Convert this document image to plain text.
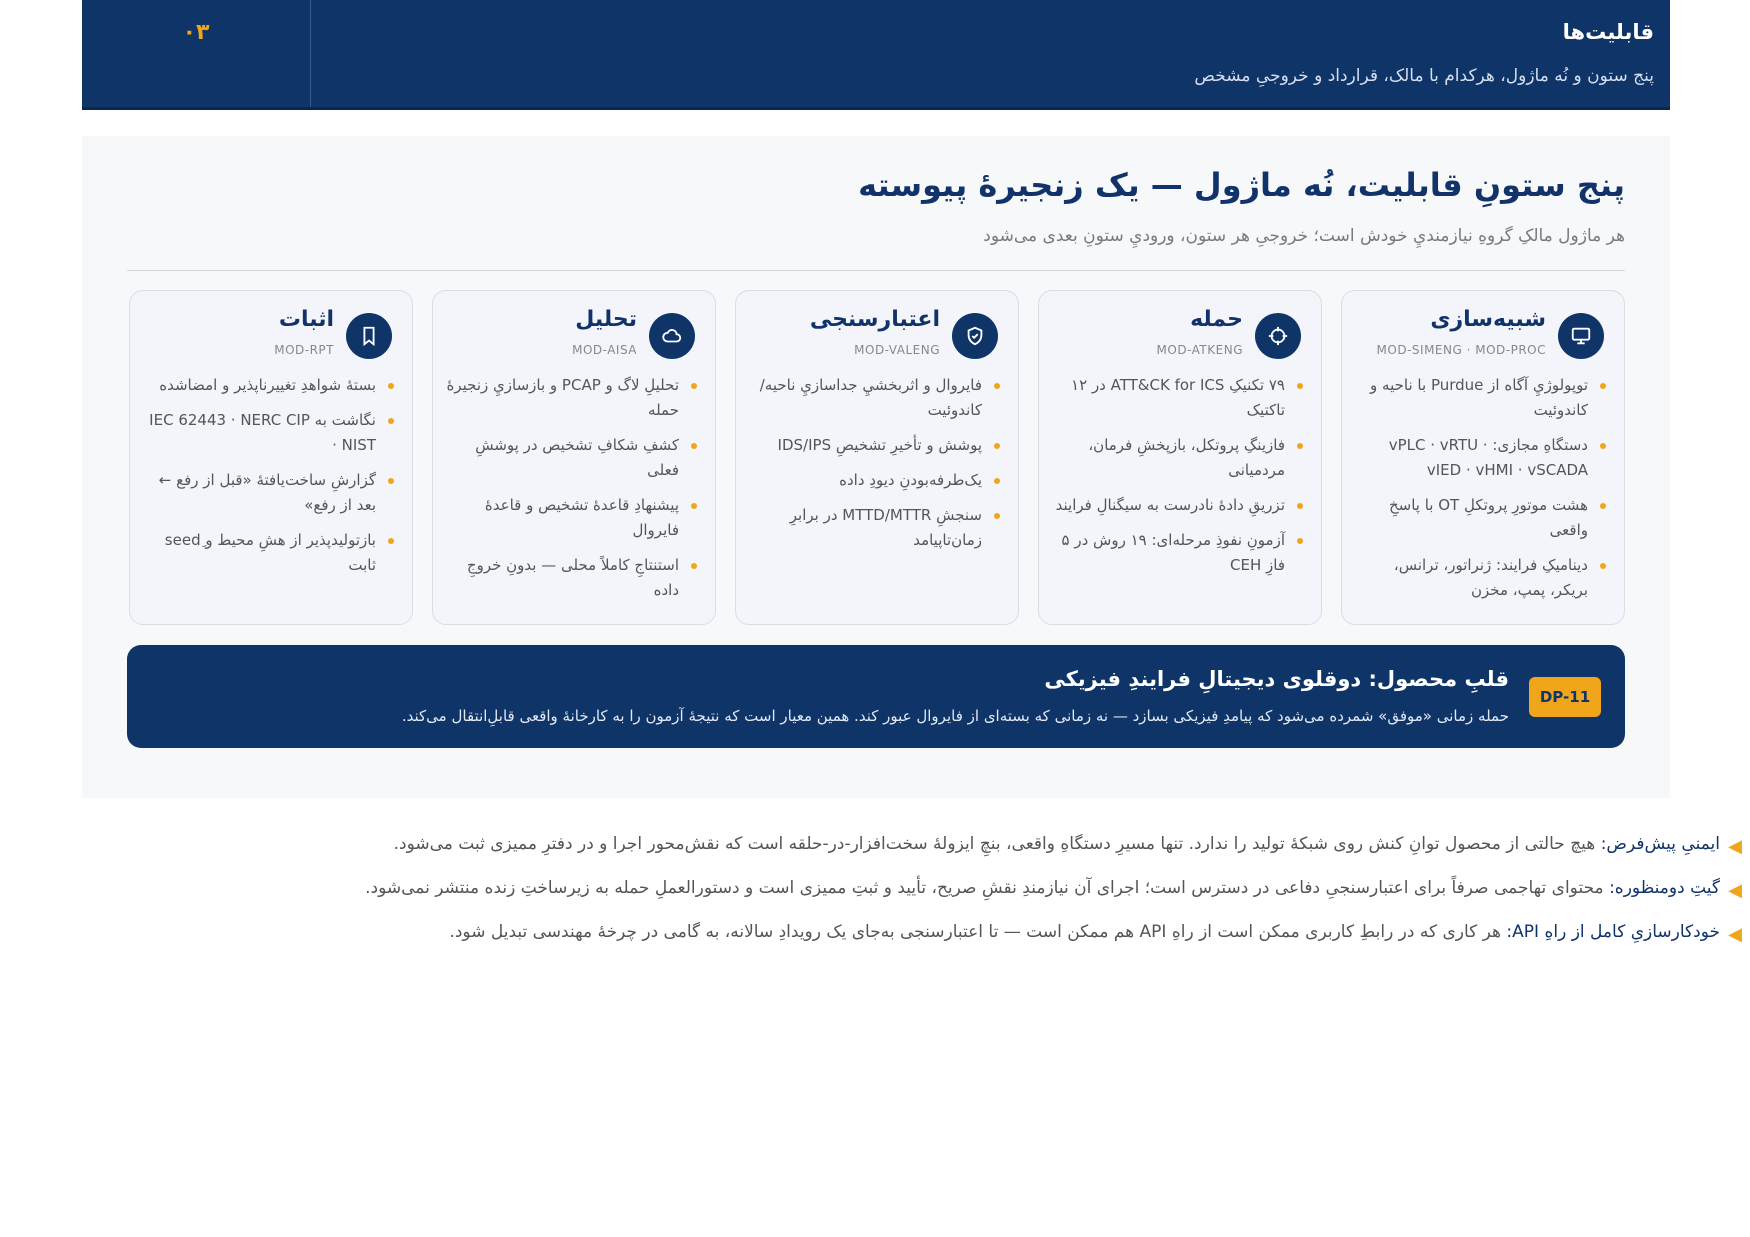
قابلیت‌ها
پنج ستون و نُه ماژول، هرکدام با مالک، قرارداد و خروجیِ مشخص
۰۳
پنج ستونِ قابلیت، نُه ماژول — یک زنجیرهٔ پیوسته
هر ماژول مالکِ گروهِ نیازمنديِ خودش است؛ خروجیِ هر ستون، وروديِ ستونِ بعدی می‌شود
شبیه‌سازی
MOD-SIMENG · MOD-PROC
توپولوژيِ آگاه از Purdue با ناحیه و کاندوئیت
دستگاهِ مجازی: vPLC · vRTU · vIED · vHMI · vSCADA
هشت موتورِ پروتکلِ OT با پاسخِ واقعی
دینامیکِ فرایند: ژنراتور، ترانس، بریکر، پمپ، مخزن
حمله
MOD-ATKENG
۷۹ تکنیکِ ATT&CK for ICS در ۱۲ تاکتیک
فازینگِ پروتکل، بازپخشِ فرمان، مردمیانی
تزریقِ دادهٔ نادرست به سیگنالِ فرایند
آزمونِ نفوذِ مرحله‌ای: ۱۹ روش در ۵ فازِ CEH
اعتبارسنجی
MOD-VALENG
فایروال و اثربخشيِ جداسازيِ ناحیه/کاندوئیت
پوشش و تأخیرِ تشخیصِ IDS/IPS
یک‌طرفه‌بودنِ دیودِ داده
سنجشِ MTTD/MTTR در برابرِ زمان‌تاپیامد
تحلیل
MOD-AISA
تحلیلِ لاگ و PCAP و بازسازيِ زنجیرهٔ حمله
کشفِ شکافِ تشخیص در پوششِ فعلی
پیشنهادِ قاعدهٔ تشخیص و قاعدهٔ فایروال
استنتاجِ کاملاً محلی — بدونِ خروجِ داده
اثبات
MOD-RPT
بستهٔ شواهدِ تغییرناپذیر و امضاشده
نگاشت به IEC 62443 · NERC CIP · NIST
گزارشِ ساخت‌یافتهٔ «قبل از رفع ← بعد از رفع»
بازتولیدپذیر از هشِ محیط و seedِ ثابت
DP-11
قلبِ محصول: دوقلوی دیجیتالِ فرایندِ فیزیکی
حمله زمانی «موفق» شمرده می‌شود که پیامدِ فیزیکی بسازد — نه زمانی که بسته‌ای از فایروال عبور کند. همین معیار است که نتیجهٔ آزمون را به کارخانهٔ واقعی قابلِ‌انتقال می‌کند.
◀
ایمنیِ پیش‌فرض: هیچ حالتی از محصول توانِ کنش روی شبکهٔ تولید را ندارد. تنها مسیرِ دستگاهِ واقعی، بنچِ ایزولهٔ سخت‌افزار-در-حلقه است که نقش‌محور اجرا و در دفترِ ممیزی ثبت می‌شود.
◀
گیتِ دومنظوره: محتوای تهاجمی صرفاً برای اعتبارسنجیِ دفاعی در دسترس است؛ اجرای آن نیازمندِ نقشِ صریح، تأیید و ثبتِ ممیزی است و دستورالعملِ حمله به زیرساختِ زنده منتشر نمی‌شود.
◀
خودکارسازیِ کامل از راهِ API: هر کاری که در رابطِ کاربری ممکن است از راهِ API هم ممکن است — تا اعتبارسنجی به‌جای یک رویدادِ سالانه، به گامی در چرخهٔ مهندسی تبدیل شود.
